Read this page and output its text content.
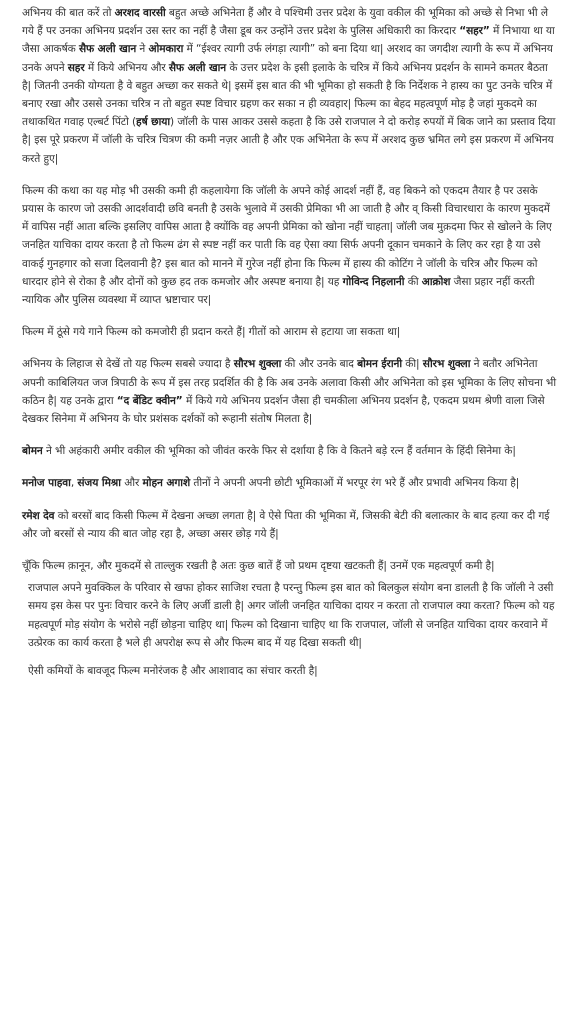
अभिनय की बात करें तो अरशद वारसी बहुत अच्छे अभिनेता हैं और वे पश्चिमी उत्तर प्रदेश के युवा वकील की भूमिका को अच्छे से निभा भी ले गये हैं पर उनका अभिनय प्रदर्शन उस स्तर का नहीं है जैसा डूब कर उन्होंने उत्तर प्रदेश के पुलिस अधिकारी का किरदार “सहर” में निभाया था या जैसा आकर्षक सैफ अली खान ने ओमकारा में “ईश्वर त्यागी उर्फ लंगड़ा त्यागी” को बना दिया था| अरशद का जगदीश त्यागी के रूप में अभिनय उनके अपने सहर में किये अभिनय और सैफ अली खान के उत्तर प्रदेश के इसी इलाके के चरित्र में किये अभिनय प्रदर्शन के सामने कमतर बैठता है| जितनी उनकी योग्यता है वे बहुत अच्छा कर सकते थे| इसमें इस बात की भी भूमिका हो सकती है कि निर्देशक ने हास्य का पुट उनके चरित्र में बनाए रखा और उससे उनका चरित्र न तो बहुत स्पष्ट विचार ग्रहण कर सका न ही व्यवहार| फिल्म का बेहद महत्वपूर्ण मोड़ है जहां मुकदमे का तथाकथित गवाह एल्बर्ट पिंटो (हर्ष छाया) जॉली के पास आकर उससे कहता है कि उसे राजपाल ने दो करोड़ रुपयों में बिक जाने का प्रस्ताव दिया है| इस पूरे प्रकरण में जॉली के चरित्र चित्रण की कमी नज़र आती है और एक अभिनेता के रूप में अरशद कुछ भ्रमित लगे इस प्रकरण में अभिनय करते हुए|

फिल्म की कथा का यह मोड़ भी उसकी कमी ही कहलायेगा कि जॉली के अपने कोई आदर्श नहीं हैं, वह बिकने को एकदम तैयार है पर उसके प्रयास के कारण जो उसकी आदर्शवादी छवि बनती है उसके भुलावे में उसकी प्रेमिका भी आ जाती है और व् किसी विचारधारा के कारण मुकदमें में वापिस नहीं आता बल्कि इसलिए वापिस आता है क्योंकि वह अपनी प्रेमिका को खोना नहीं चाहता| जॉली जब मुक़दमा फिर से खोलने के लिए जनहित याचिका दायर करता है तो फिल्म ढंग से स्पष्ट नहीं कर पाती कि वह ऐसा क्या सिर्फ अपनी दूकान चमकाने के लिए कर रहा है या उसे वाकई गुनहगार को सजा दिलवानी है? इस बात को मानने में गुरेज नहीं होना कि फिल्म में हास्य की कोटिंग ने जॉली के चरित्र और फिल्म को धारदार होने से रोका है और दोनों को कुछ हद तक कमजोर और अस्पष्ट बनाया है| यह गोविन्द निहलानी की आक्रोश जैसा प्रहार नहीं करती न्यायिक और पुलिस व्यवस्था में व्याप्त भ्रष्टाचार पर|

फिल्म में ठूंसे गये गाने फिल्म को कमजोरी ही प्रदान करते हैं| गीतों को आराम से हटाया जा सकता था|

अभिनय के लिहाज से देखें तो यह फिल्म सबसे ज्यादा है सौरभ शुक्ला की और उनके बाद बोमन ईरानी की| सौरभ शुक्ला ने बतौर अभिनेता अपनी काबिलियत जज त्रिपाठी के रूप में इस तरह प्रदर्शित की है कि अब उनके अलावा किसी और अभिनेता को इस भूमिका के लिए सोचना भी कठिन है| यह उनके द्वारा “द बेंडिट क्वीन” में किये गये अभिनय प्रदर्शन जैसा ही चमकीला अभिनय प्रदर्शन है, एकदम प्रथम श्रेणी वाला जिसे देखकर सिनेमा में अभिनय के घोर प्रशंसक दर्शकों को रूहानी संतोष मिलता है|

बोमन ने भी अहंकारी अमीर वकील की भूमिका को जीवंत करके फिर से दर्शाया है कि वे कितने बड़े रत्न हैं वर्तमान के हिंदी सिनेमा के|

मनोज पाहवा, संजय मिश्रा और मोहन अगाशे तीनों ने अपनी अपनी छोटी भूमिकाओं में भरपूर रंग भरे हैं और प्रभावी अभिनय किया है|

रमेश देव को बरसों बाद किसी फिल्म में देखना अच्छा लगता है| वे ऐसे पिता की भूमिका में, जिसकी बेटी की बलात्कार के बाद हत्या कर दी गई और जो बरसों से न्याय की बात जोह रहा है, अच्छा असर छोड़ गये हैं|

चूँकि फिल्म क़ानून, और मुकदमें से ताल्लुक रखती है अतः कुछ बातें हैं जो प्रथम दृष्टया खटकती हैं| उनमें एक महत्वपूर्ण कमी है|

राजपाल अपने मुवक्किल के परिवार से खफा होकर साजिश रचता है परन्तु फिल्म इस बात को बिलकुल संयोग बना डालती है कि जॉली ने उसी समय इस केस पर पुनः विचार करने के लिए अर्जी डाली है| अगर जॉली जनहित याचिका दायर न करता तो राजपाल क्या करता? फिल्म को यह महत्वपूर्ण मोड़ संयोग के भरोसे नहीं छोड़ना चाहिए था| फिल्म को दिखाना चाहिए था कि राजपाल, जॉली से जनहित याचिका दायर करवाने में उत्प्रेरक का कार्य करता है भले ही अपरोक्ष रूप से और फिल्म बाद में यह दिखा सकती थी|

ऐसी कमियों के बावजूद फिल्म मनोरंजक है और आशावाद का संचार करती है|
